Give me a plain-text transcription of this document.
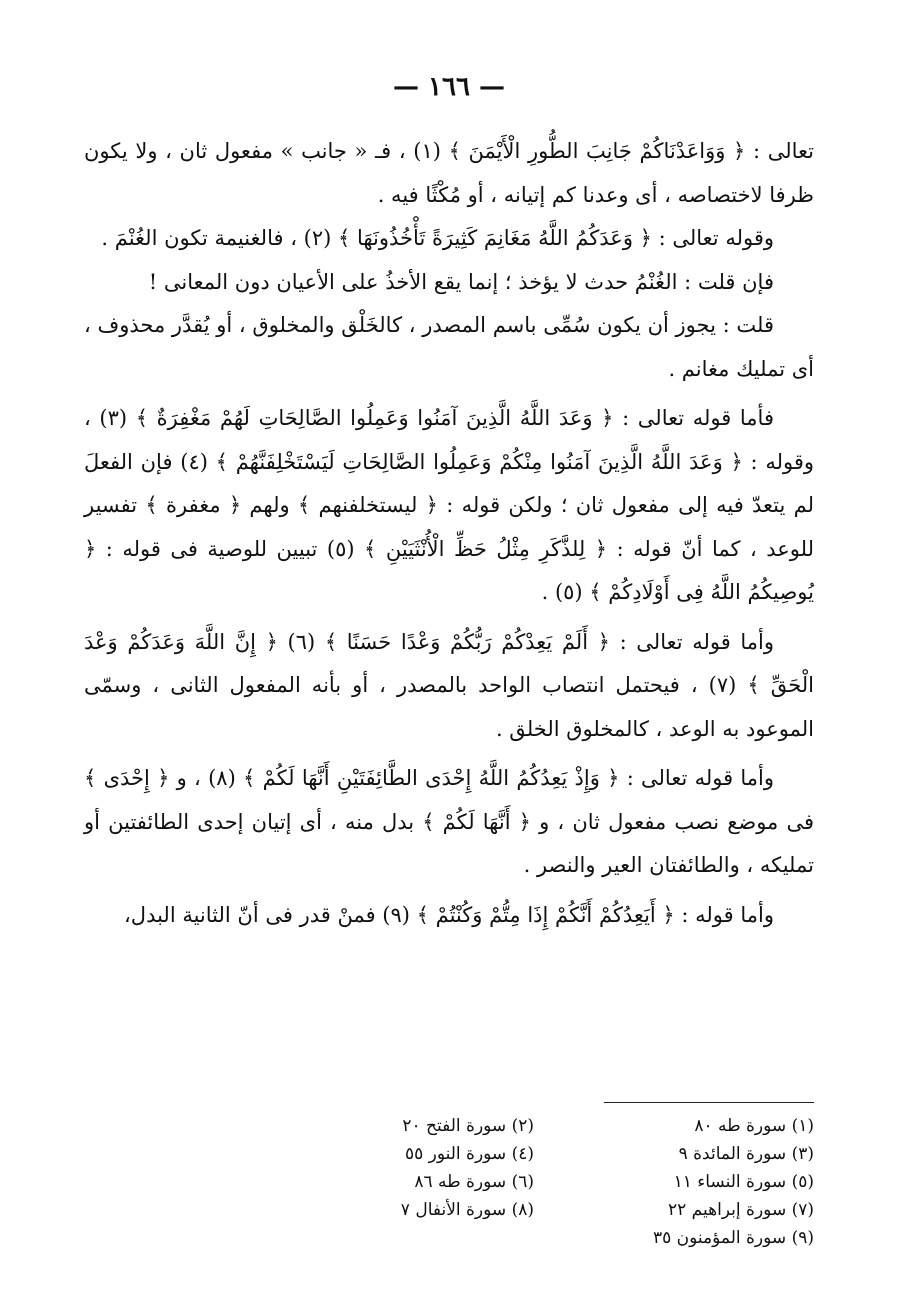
— ١٦٦ —

تعالى : ﴿ وَوَاعَدْنَاكُمْ جَانِبَ الطُّورِ الْأَيْمَنَ ﴾ (١) ، فـ « جانب » مفعول ثان ، ولا يكون ظرفا لاختصاصه ، أى وعدنا كم إتيانه ، أو مُكْثًا فيه .

وقوله تعالى : ﴿ وَعَدَكُمُ اللَّهُ مَغَانِمَ كَثِيرَةً تَأْخُذُونَهَا ﴾ (٢) ، فالغنيمة تكون الغُنْمَ .

فإن قلت : الغُنْمُ حدث لا يؤخذ ؛ إنما يقع الأخذُ على الأعيان دون المعانى !

قلت : يجوز أن يكون سُمِّى باسم المصدر ، كالخَلْق والمخلوق ، أو يُقدَّر محذوف ، أى تمليك مغانم .

فأما قوله تعالى : ﴿ وَعَدَ اللَّهُ الَّذِينَ آمَنُوا وَعَمِلُوا الصَّالِحَاتِ لَهُمْ مَغْفِرَةٌ ﴾ (٣) ، وقوله : ﴿ وَعَدَ اللَّهُ الَّذِينَ آمَنُوا مِنْكُمْ وَعَمِلُوا الصَّالِحَاتِ لَيَسْتَخْلِفَنَّهُمْ ﴾ (٤) فإن الفعلَ لم يتعدّ فيه إلى مفعول ثان ؛ ولكن قوله : ﴿ ليستخلفنهم ﴾ ولهم ﴿ مغفرة ﴾ تفسير للوعد ، كما أنّ قوله : ﴿ لِلذَّكَرِ مِثْلُ حَظِّ الْأُنْثَيَيْنِ ﴾ (٥) تبيين للوصية فى قوله : ﴿ يُوصِيكُمُ اللَّهُ فِى أَوْلَادِكُمْ ﴾ (٥) .

وأما قوله تعالى : ﴿ أَلَمْ يَعِدْكُمْ رَبُّكُمْ وَعْدًا حَسَنًا ﴾ (٦) ﴿ إِنَّ اللَّهَ وَعَدَكُمْ وَعْدَ الْحَقِّ ﴾ (٧) ، فيحتمل انتصاب الواحد بالمصدر ، أو بأنه المفعول الثانى ، وسمّى الموعود به الوعد ، كالمخلوق الخلق .

وأما قوله تعالى : ﴿ وَإِذْ يَعِدُكُمُ اللَّهُ إِحْدَى الطَّائِفَتَيْنِ أَنَّهَا لَكُمْ ﴾ (٨) ، و ﴿ إِحْدَى ﴾ فى موضع نصب مفعول ثان ، و ﴿ أَنَّهَا لَكُمْ ﴾ بدل منه ، أى إتيان إحدى الطائفتين أو تمليكه ، والطائفتان العير والنصر .

وأما قوله : ﴿ أَيَعِدُكُمْ أَنَّكُمْ إِذَا مِتُّمْ وَكُنْتُمْ ﴾ (٩) فمنْ قدر فى أنّ الثانية البدل،

(١) سورة طه ٨٠
(٢) سورة الفتح ٢٠
(٣) سورة المائدة ٩
(٤) سورة النور ٥٥
(٥) سورة النساء ١١
(٦) سورة طه ٨٦
(٧) سورة إبراهيم ٢٢
(٨) سورة الأنفال ٧
(٩) سورة المؤمنون ٣٥
